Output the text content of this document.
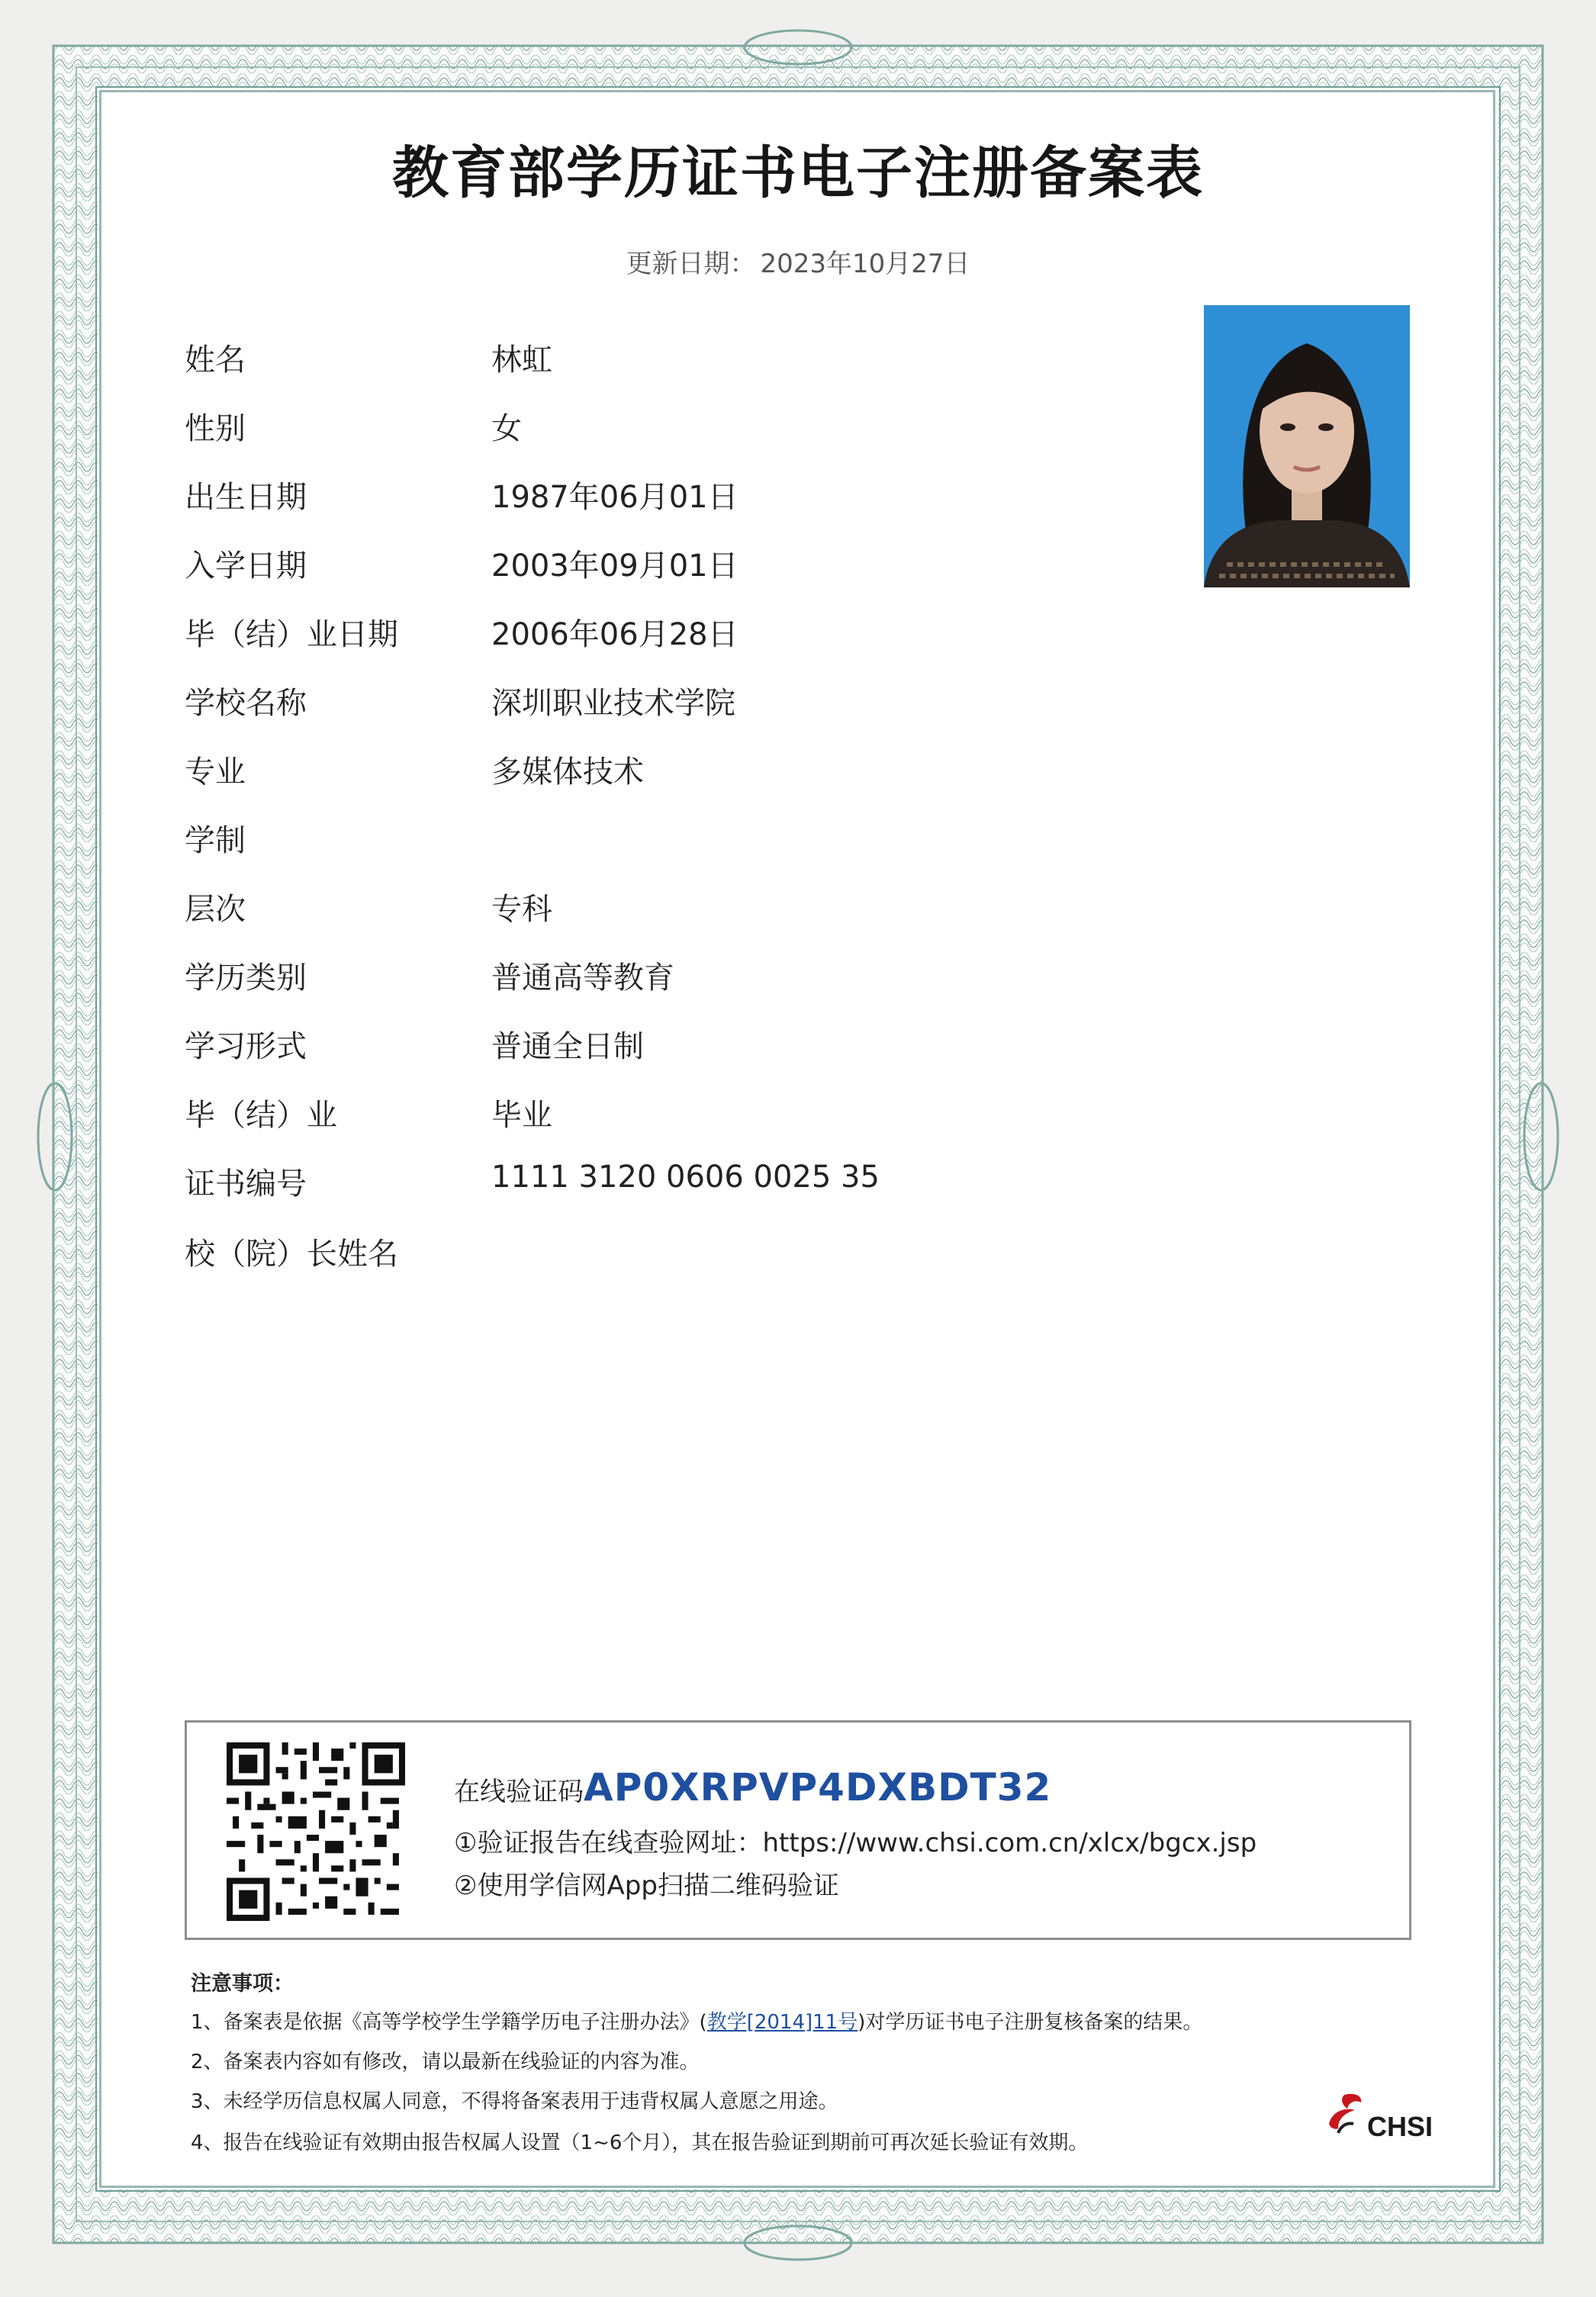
教育部学历证书电子注册备案表
更新日期： 2023年10月27日
姓名	林虹
性别	女
出生日期	1987年06月01日
入学日期	2003年09月01日
毕（结）业日期	2006年06月28日
学校名称	深圳职业技术学院
专业	多媒体技术
学制
层次	专科
学历类别	普通高等教育
学习形式	普通全日制
毕（结）业	毕业
证书编号	1111 3120 0606 0025 35
校（院）长姓名
在线验证码AP0XRPVP4DXBDT32
①验证报告在线查验网址：https://www.chsi.com.cn/xlcx/bgcx.jsp
②使用学信网App扫描二维码验证
注意事项：
1、备案表是依据《高等学校学生学籍学历电子注册办法》(教学[2014]11号)对学历证书电子注册复核备案的结果。
2、备案表内容如有修改，请以最新在线验证的内容为准。
3、未经学历信息权属人同意，不得将备案表用于违背权属人意愿之用途。
4、报告在线验证有效期由报告权属人设置（1~6个月），其在报告验证到期前可再次延长验证有效期。
CHSI
